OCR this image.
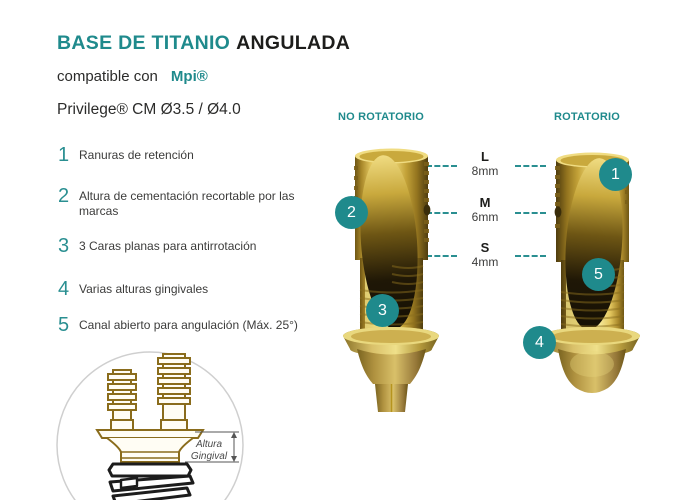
BASE DE TITANIO ANGULADA
compatible con Mpi®
Privilege® CM Ø3.5 / Ø4.0
1 Ranuras de retención
2 Altura de cementación recortable por las marcas
3 3 Caras planas para antirrotación
4 Varias alturas gingivales
5 Canal abierto para angulación (Máx. 25°)
NO ROTATORIO	ROTATORIO
L
8mm
M
6mm
S
4mm
1
2
3
4
5
Altura
Gingival
